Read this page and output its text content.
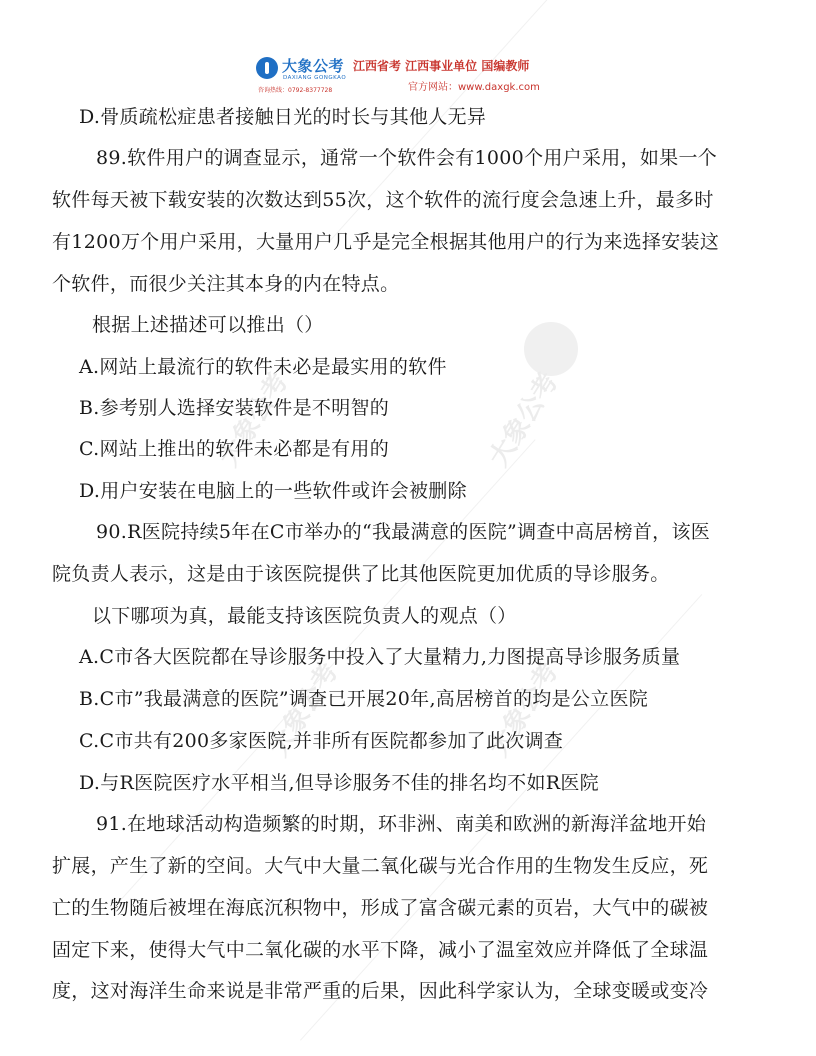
大象公考	大象公考
大象公考	大象公考
大象公考
DAXIANG GONGKAO
咨询热线：0792-8377728
江西省考 江西事业单位 国编教师
官方网站：www.daxgk.com
D.骨质疏松症患者接触日光的时长与其他人无异
89.软件用户的调查显示，通常一个软件会有1000个用户采用，如果一个
软件每天被下载安装的次数达到55次，这个软件的流行度会急速上升，最多时
有1200万个用户采用，大量用户几乎是完全根据其他用户的行为来选择安装这
个软件，而很少关注其本身的内在特点。
根据上述描述可以推出（）
A.网站上最流行的软件未必是最实用的软件
B.参考别人选择安装软件是不明智的
C.网站上推出的软件未必都是有用的
D.用户安装在电脑上的一些软件或许会被删除
90.R医院持续5年在C市举办的“我最满意的医院”调查中高居榜首，该医
院负责人表示，这是由于该医院提供了比其他医院更加优质的导诊服务。
以下哪项为真，最能支持该医院负责人的观点（）
A.C市各大医院都在导诊服务中投入了大量精力,力图提高导诊服务质量
B.C市”我最满意的医院”调查已开展20年,高居榜首的均是公立医院
C.C市共有200多家医院,并非所有医院都参加了此次调查
D.与R医院医疗水平相当,但导诊服务不佳的排名均不如R医院
91.在地球活动构造频繁的时期，环非洲、南美和欧洲的新海洋盆地开始
扩展，产生了新的空间。大气中大量二氧化碳与光合作用的生物发生反应，死
亡的生物随后被埋在海底沉积物中，形成了富含碳元素的页岩，大气中的碳被
固定下来，使得大气中二氧化碳的水平下降，减小了温室效应并降低了全球温
度，这对海洋生命来说是非常严重的后果，因此科学家认为，全球变暖或变冷
